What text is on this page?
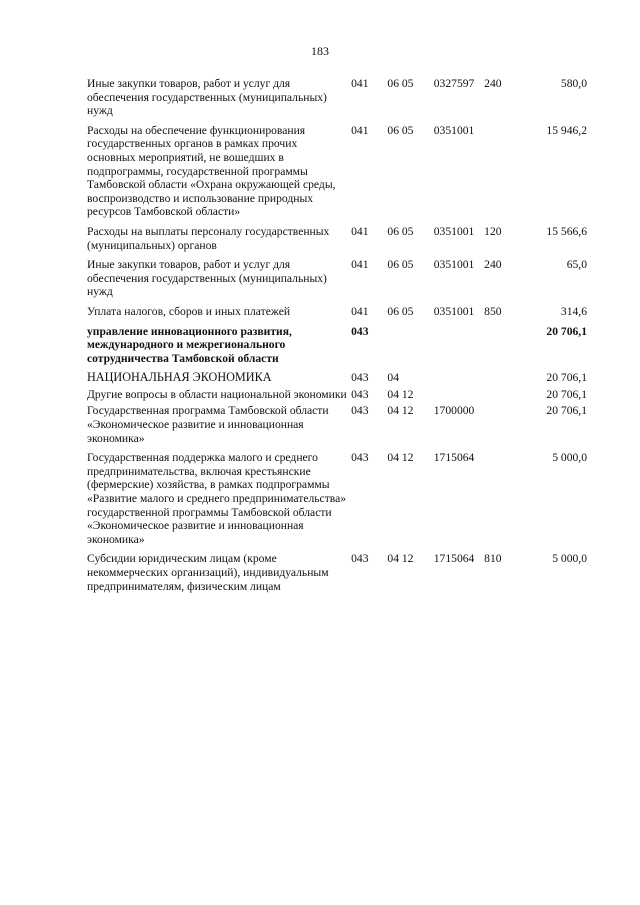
183
Иные закупки товаров, работ и услуг для обеспечения государственных (муниципальных) нужд	041	06 05	0327597	240	580,0
Расходы на обеспечение функционирования государственных органов в рамках прочих основных мероприятий, не вошедших в подпрограммы, государственной программы Тамбовской области «Охрана окружающей среды, воспроизводство и использование природных ресурсов Тамбовской области»	041	06 05	0351001		15 946,2
Расходы на выплаты персоналу государственных (муниципальных) органов	041	06 05	0351001	120	15 566,6
Иные закупки товаров, работ и услуг для обеспечения государственных (муниципальных) нужд	041	06 05	0351001	240	65,0
Уплата налогов, сборов и иных платежей	041	06 05	0351001	850	314,6
управление инновационного развития, международного и межрегионального сотрудничества Тамбовской области	043				20 706,1
НАЦИОНАЛЬНАЯ ЭКОНОМИКА	043	04			20 706,1
Другие вопросы в области национальной экономики	043	04 12			20 706,1
Государственная программа Тамбовской области «Экономическое развитие и инновационная экономика»	043	04 12	1700000		20 706,1
Государственная поддержка малого и среднего предпринимательства, включая крестьянские (фермерские) хозяйства, в рамках подпрограммы «Развитие малого и среднего предпринимательства» государственной программы Тамбовской области «Экономическое развитие и инновационная экономика»	043	04 12	1715064		5 000,0
Субсидии юридическим лицам (кроме некоммерческих организаций), индивидуальным предпринимателям, физическим лицам	043	04 12	1715064	810	5 000,0
